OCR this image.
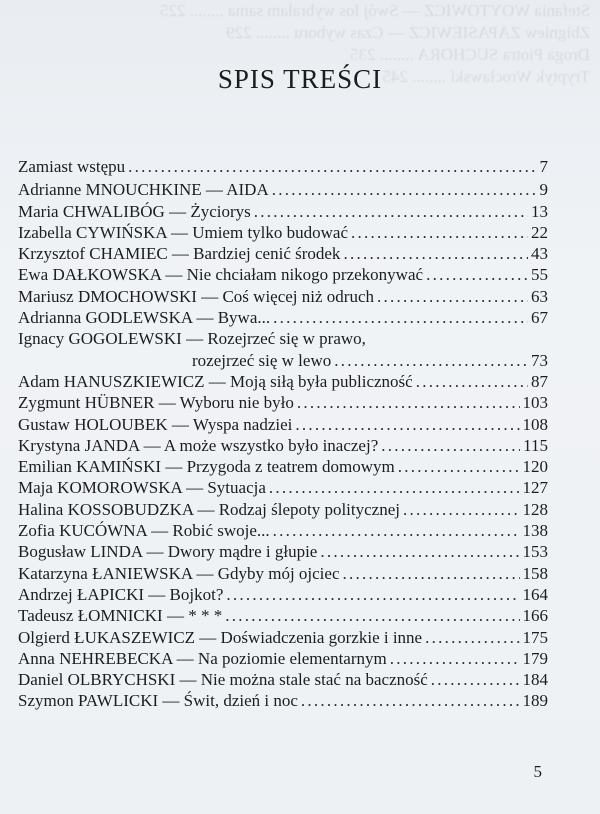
Stefania WOYTOWICZ — Swój los wybrałam sama ........ 225
Zbigniew ZAPASIEWICZ — Czas wyboru ........ 229
Droga Piotra SUCHORA ........ 235
Tryptyk Wrocławski ........ 245
SPIS TREŚCI
Zamiast wstępu . . .	7
Adrianne MNOUCHKINE — AIDA . . .	9
Maria CHWALIBÓG — Życiorys . . .	13
Izabella CYWIŃSKA — Umiem tylko budować . . .	22
Krzysztof CHAMIEC — Bardziej cenić środek . . .	43
Ewa DAŁKOWSKA — Nie chciałam nikogo przekonywać . . .	55
Mariusz DMOCHOWSKI — Coś więcej niż odruch . . .	63
Adrianna GODLEWSKA — Bywa... . . .	67
Ignacy GOGOLEWSKI — Rozejrzeć się w prawo,
rozejrzeć się w lewo . . .	73
Adam HANUSZKIEWICZ — Moją siłą była publiczność . . .	87
Zygmunt HÜBNER — Wyboru nie było . . .	103
Gustaw HOLOUBEK — Wyspa nadziei . . .	108
Krystyna JANDA — A może wszystko było inaczej? . . .	115
Emilian KAMIŃSKI — Przygoda z teatrem domowym . . .	120
Maja KOMOROWSKA — Sytuacja . . .	127
Halina KOSSOBUDZKA — Rodzaj ślepoty politycznej . . .	128
Zofia KUCÓWNA — Robić swoje... . . .	138
Bogusław LINDA — Dwory mądre i głupie . . .	153
Katarzyna ŁANIEWSKA — Gdyby mój ojciec . . .	158
Andrzej ŁAPICKI — Bojkot? . . .	164
Tadeusz ŁOMNICKI — * * * . . .	166
Olgierd ŁUKASZEWICZ — Doświadczenia gorzkie i inne . . .	175
Anna NEHREBECKA — Na poziomie elementarnym . . .	179
Daniel OLBRYCHSKI — Nie można stale stać na baczność . . .	184
Szymon PAWLICKI — Świt, dzień i noc . . .	189
5
